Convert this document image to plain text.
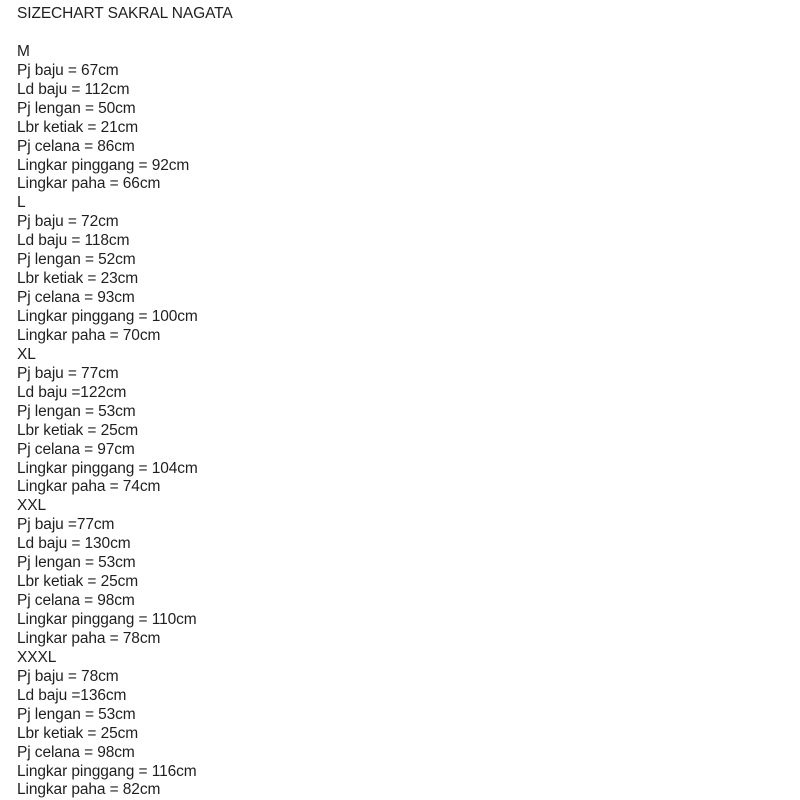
SIZECHART SAKRAL NAGATA
M
Pj baju = 67cm
Ld baju = 112cm
Pj lengan = 50cm
Lbr ketiak = 21cm
Pj celana = 86cm
Lingkar pinggang = 92cm
Lingkar paha = 66cm
L
Pj baju = 72cm
Ld baju = 118cm
Pj lengan = 52cm
Lbr ketiak = 23cm
Pj celana = 93cm
Lingkar pinggang = 100cm
Lingkar paha = 70cm
XL
Pj baju = 77cm
Ld baju =122cm
Pj lengan = 53cm
Lbr ketiak = 25cm
Pj celana = 97cm
Lingkar pinggang = 104cm
Lingkar paha = 74cm
XXL
Pj baju =77cm
Ld baju = 130cm
Pj lengan = 53cm
Lbr ketiak = 25cm
Pj celana = 98cm
Lingkar pinggang = 110cm
Lingkar paha = 78cm
XXXL
Pj baju = 78cm
Ld baju =136cm
Pj lengan = 53cm
Lbr ketiak = 25cm
Pj celana = 98cm
Lingkar pinggang = 116cm
Lingkar paha = 82cm
